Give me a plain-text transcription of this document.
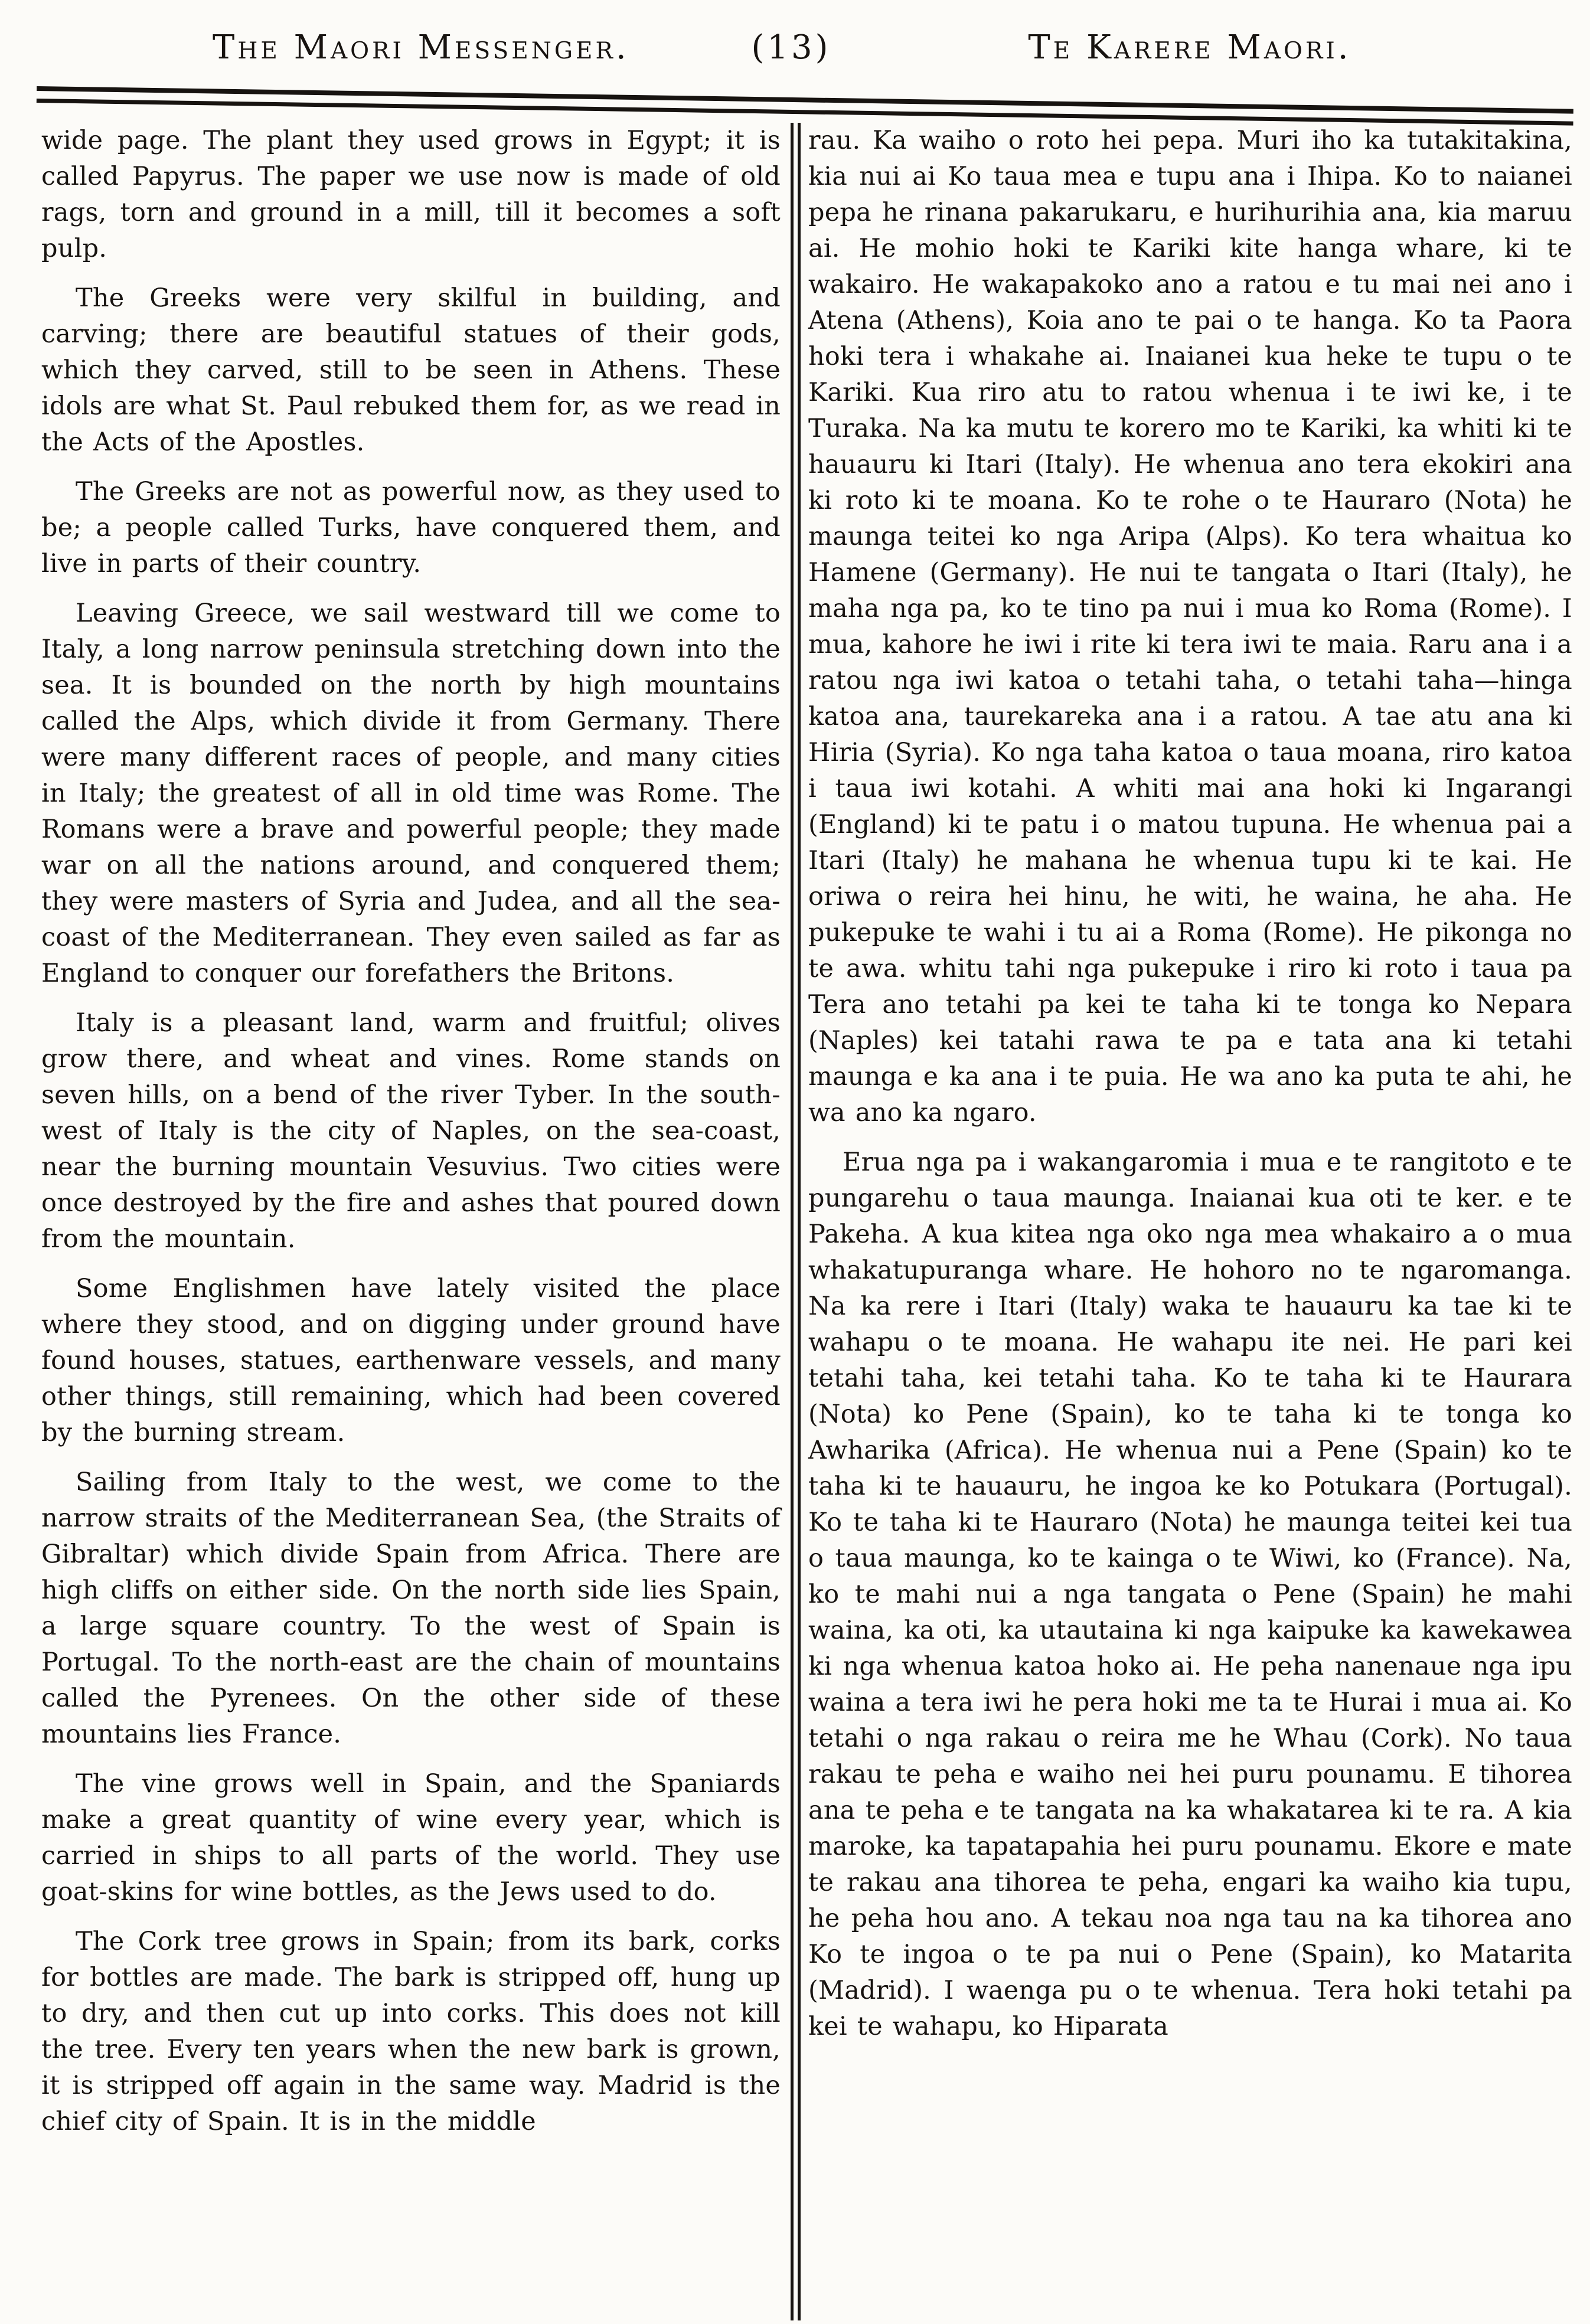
The Maori Messenger.	(13)	Te Karere Maori.

wide page. The plant they used grows in Egypt; it is called Papyrus. The paper we use now is made of old rags, torn and ground in a mill, till it becomes a soft pulp.

The Greeks were very skilful in building, and carving; there are beautiful statues of their gods, which they carved, still to be seen in Athens. These idols are what St. Paul rebuked them for, as we read in the Acts of the Apostles.

The Greeks are not as powerful now, as they used to be; a people called Turks, have conquered them, and live in parts of their country.

Leaving Greece, we sail westward till we come to Italy, a long narrow peninsula stretching down into the sea. It is bounded on the north by high mountains called the Alps, which divide it from Germany. There were many different races of people, and many cities in Italy; the greatest of all in old time was Rome. The Romans were a brave and powerful people; they made war on all the nations around, and conquered them; they were masters of Syria and Judea, and all the sea-coast of the Mediterranean. They even sailed as far as England to conquer our forefathers the Britons.

Italy is a pleasant land, warm and fruitful; olives grow there, and wheat and vines. Rome stands on seven hills, on a bend of the river Tyber. In the south-west of Italy is the city of Naples, on the sea-coast, near the burning mountain Vesuvius. Two cities were once destroyed by the fire and ashes that poured down from the mountain.

Some Englishmen have lately visited the place where they stood, and on digging under ground have found houses, statues, earthenware vessels, and many other things, still remaining, which had been covered by the burning stream.

Sailing from Italy to the west, we come to the narrow straits of the Mediterranean Sea, (the Straits of Gibraltar) which divide Spain from Africa. There are high cliffs on either side. On the north side lies Spain, a large square country. To the west of Spain is Portugal. To the north-east are the chain of mountains called the Pyrenees. On the other side of these mountains lies France.

The vine grows well in Spain, and the Spaniards make a great quantity of wine every year, which is carried in ships to all parts of the world. They use goat-skins for wine bottles, as the Jews used to do.

The Cork tree grows in Spain; from its bark, corks for bottles are made. The bark is stripped off, hung up to dry, and then cut up into corks. This does not kill the tree. Every ten years when the new bark is grown, it is stripped off again in the same way. Madrid is the chief city of Spain. It is in the middle

rau. Ka waiho o roto hei pepa. Muri iho ka tutakitakina, kia nui ai Ko taua mea e tupu ana i Ihipa. Ko to naianei pepa he rinana pakarukaru, e hurihurihia ana, kia maruu ai. He mohio hoki te Kariki kite hanga whare, ki te wakairo. He wakapakoko ano a ratou e tu mai nei ano i Atena (Athens), Koia ano te pai o te hanga. Ko ta Paora hoki tera i whakahe ai. Inaianei kua heke te tupu o te Kariki. Kua riro atu to ratou whenua i te iwi ke, i te Turaka. Na ka mutu te korero mo te Kariki, ka whiti ki te hauauru ki Itari (Italy). He whenua ano tera ekokiri ana ki roto ki te moana. Ko te rohe o te Hauraro (Nota) he maunga teitei ko nga Aripa (Alps). Ko tera whaitua ko Hamene (Germany). He nui te tangata o Itari (Italy), he maha nga pa, ko te tino pa nui i mua ko Roma (Rome). I mua, kahore he iwi i rite ki tera iwi te maia. Raru ana i a ratou nga iwi katoa o tetahi taha, o tetahi taha—hinga katoa ana, taurekareka ana i a ratou. A tae atu ana ki Hiria (Syria). Ko nga taha katoa o taua moana, riro katoa i taua iwi kotahi. A whiti mai ana hoki ki Ingarangi (England) ki te patu i o matou tupuna. He whenua pai a Itari (Italy) he mahana he whenua tupu ki te kai. He oriwa o reira hei hinu, he witi, he waina, he aha. He pukepuke te wahi i tu ai a Roma (Rome). He pikonga no te awa. whitu tahi nga pukepuke i riro ki roto i taua pa Tera ano tetahi pa kei te taha ki te tonga ko Nepara (Naples) kei tatahi rawa te pa e tata ana ki tetahi maunga e ka ana i te puia. He wa ano ka puta te ahi, he wa ano ka ngaro.

Erua nga pa i wakangaromia i mua e te rangitoto e te pungarehu o taua maunga. Inaianai kua oti te ker. e te Pakeha. A kua kitea nga oko nga mea whakairo a o mua whakatupuranga whare. He hohoro no te ngaromanga. Na ka rere i Itari (Italy) waka te hauauru ka tae ki te wahapu o te moana. He wahapu ite nei. He pari kei tetahi taha, kei tetahi taha. Ko te taha ki te Haurara (Nota) ko Pene (Spain), ko te taha ki te tonga ko Awharika (Africa). He whenua nui a Pene (Spain) ko te taha ki te hauauru, he ingoa ke ko Potukara (Portugal). Ko te taha ki te Hauraro (Nota) he maunga teitei kei tua o taua maunga, ko te kainga o te Wiwi, ko (France). Na, ko te mahi nui a nga tangata o Pene (Spain) he mahi waina, ka oti, ka utautaina ki nga kaipuke ka kawekawea ki nga whenua katoa hoko ai. He peha nanenaue nga ipu waina a tera iwi he pera hoki me ta te Hurai i mua ai. Ko tetahi o nga rakau o reira me he Whau (Cork). No taua rakau te peha e waiho nei hei puru pounamu. E tihorea ana te peha e te tangata na ka whakatarea ki te ra. A kia maroke, ka tapatapahia hei puru pounamu. Ekore e mate te rakau ana tihorea te peha, engari ka waiho kia tupu, he peha hou ano. A tekau noa nga tau na ka tihorea ano Ko te ingoa o te pa nui o Pene (Spain), ko Matarita (Madrid). I waenga pu o te whenua. Tera hoki tetahi pa kei te wahapu, ko Hiparata
